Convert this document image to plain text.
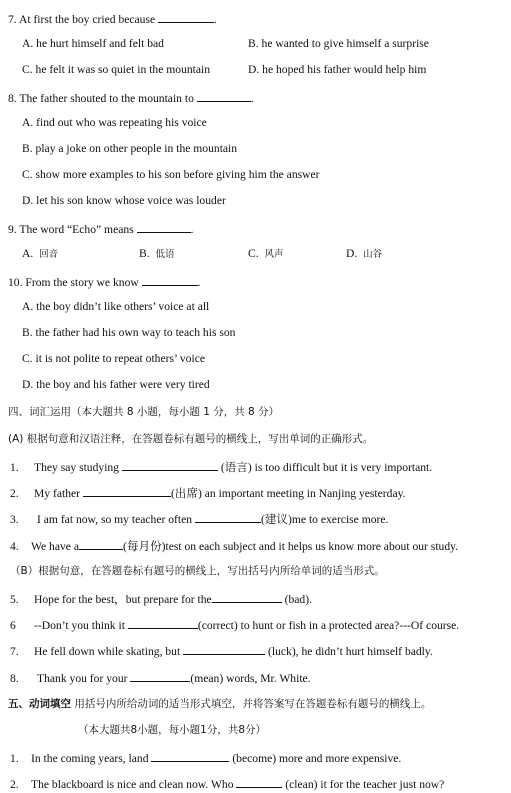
7. At first the boy cried because	.
A. he hurt himself and felt bad	B. he wanted to give himself a surprise
C. he felt it was so quiet in the mountain	D. he hoped his father would help him
8. The father shouted to the mountain to	.
A. find out who was repeating his voice
B. play a joke on other people in the mountain
C. show more examples to his son before giving him the answer
D. let his son know whose voice was louder
9. The word “Echo” means	.
A. 回音	B. 低语	C. 风声	D. 山谷
10. From the story we know	.
A. the boy didn’t like others’ voice at all
B. the father had his own way to teach his son
C. it is not polite to repeat others’ voice
D. the boy and his father were very tired
四、词汇运用（本大题共 8 小题，每小题 1 分，共 8 分）
(A) 根据句意和汉语注释，在答题卷标有题号的横线上，写出单词的正确形式。
1. They say studying	(语言) is too difficult but it is very important.
2. My father	(出席) an important meeting in Nanjing yesterday.
3. I am fat now, so my teacher often	(建议)me to exercise more.
4. We have a	(每月份)test on each subject and it helps us know more about our study.
（B）根据句意，在答题卷标有题号的横线上，写出括号内所给单词的适当形式。
5. Hope for the best，but prepare for the	(bad).
6 --Don’t you think it	(correct) to hunt or fish in a protected area?---Of course.
7. He fell down while skating, but	(luck), he didn’t hurt himself badly.
8. Thank you for your	(mean) words, Mr. White.
五、动词填空 用括号内所给动词的适当形式填空，并将答案写在答题卷标有题号的横线上。
（本大题共8小题，每小题1分，共8分）
1. In the coming years, land	(become) more and more expensive.
2. The blackboard is nice and clean now. Who	(clean) it for the teacher just now?
